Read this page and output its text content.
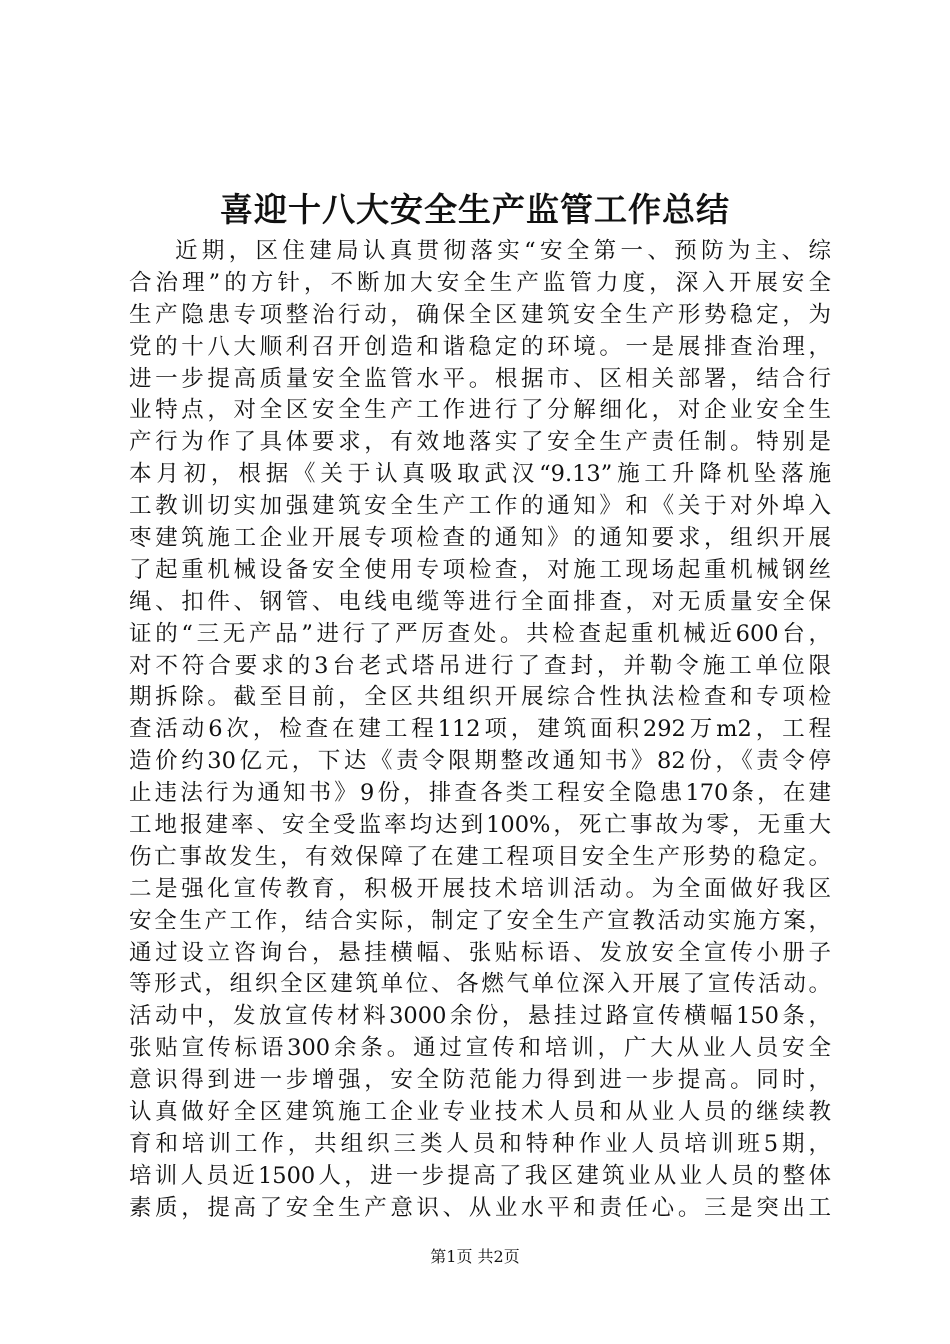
喜迎十八大安全生产监管工作总结
近期，区住建局认真贯彻落实“安全第一、预防为主、综
合治理”的方针，不断加大安全生产监管力度，深入开展安全
生产隐患专项整治行动，确保全区建筑安全生产形势稳定，为
党的十八大顺利召开创造和谐稳定的环境。一是展排查治理，
进一步提高质量安全监管水平。根据市、区相关部署，结合行
业特点，对全区安全生产工作进行了分解细化，对企业安全生
产行为作了具体要求，有效地落实了安全生产责任制。特别是
本月初，根据《关于认真吸取武汉“9.13”施工升降机坠落施
工教训切实加强建筑安全生产工作的通知》和《关于对外埠入
枣建筑施工企业开展专项检查的通知》的通知要求，组织开展
了起重机械设备安全使用专项检查，对施工现场起重机械钢丝
绳、扣件、钢管、电线电缆等进行全面排查，对无质量安全保
证的“三无产品”进行了严厉查处。共检查起重机械近600台，
对不符合要求的3台老式塔吊进行了查封，并勒令施工单位限
期拆除。截至目前，全区共组织开展综合性执法检查和专项检
查活动6次，检查在建工程112项，建筑面积292万m2，工程
造价约30亿元，下达《责令限期整改通知书》82份，《责令停
止违法行为通知书》9份，排查各类工程安全隐患170条，在建
工地报建率、安全受监率均达到100%，死亡事故为零，无重大
伤亡事故发生，有效保障了在建工程项目安全生产形势的稳定。
二是强化宣传教育，积极开展技术培训活动。为全面做好我区
安全生产工作，结合实际，制定了安全生产宣教活动实施方案，
通过设立咨询台，悬挂横幅、张贴标语、发放安全宣传小册子
等形式，组织全区建筑单位、各燃气单位深入开展了宣传活动。
活动中，发放宣传材料3000余份，悬挂过路宣传横幅150条，
张贴宣传标语300余条。通过宣传和培训，广大从业人员安全
意识得到进一步增强，安全防范能力得到进一步提高。同时，
认真做好全区建筑施工企业专业技术人员和从业人员的继续教
育和培训工作，共组织三类人员和特种作业人员培训班5期，
培训人员近1500人，进一步提高了我区建筑业从业人员的整体
素质，提高了安全生产意识、从业水平和责任心。三是突出工
第1页 共2页
